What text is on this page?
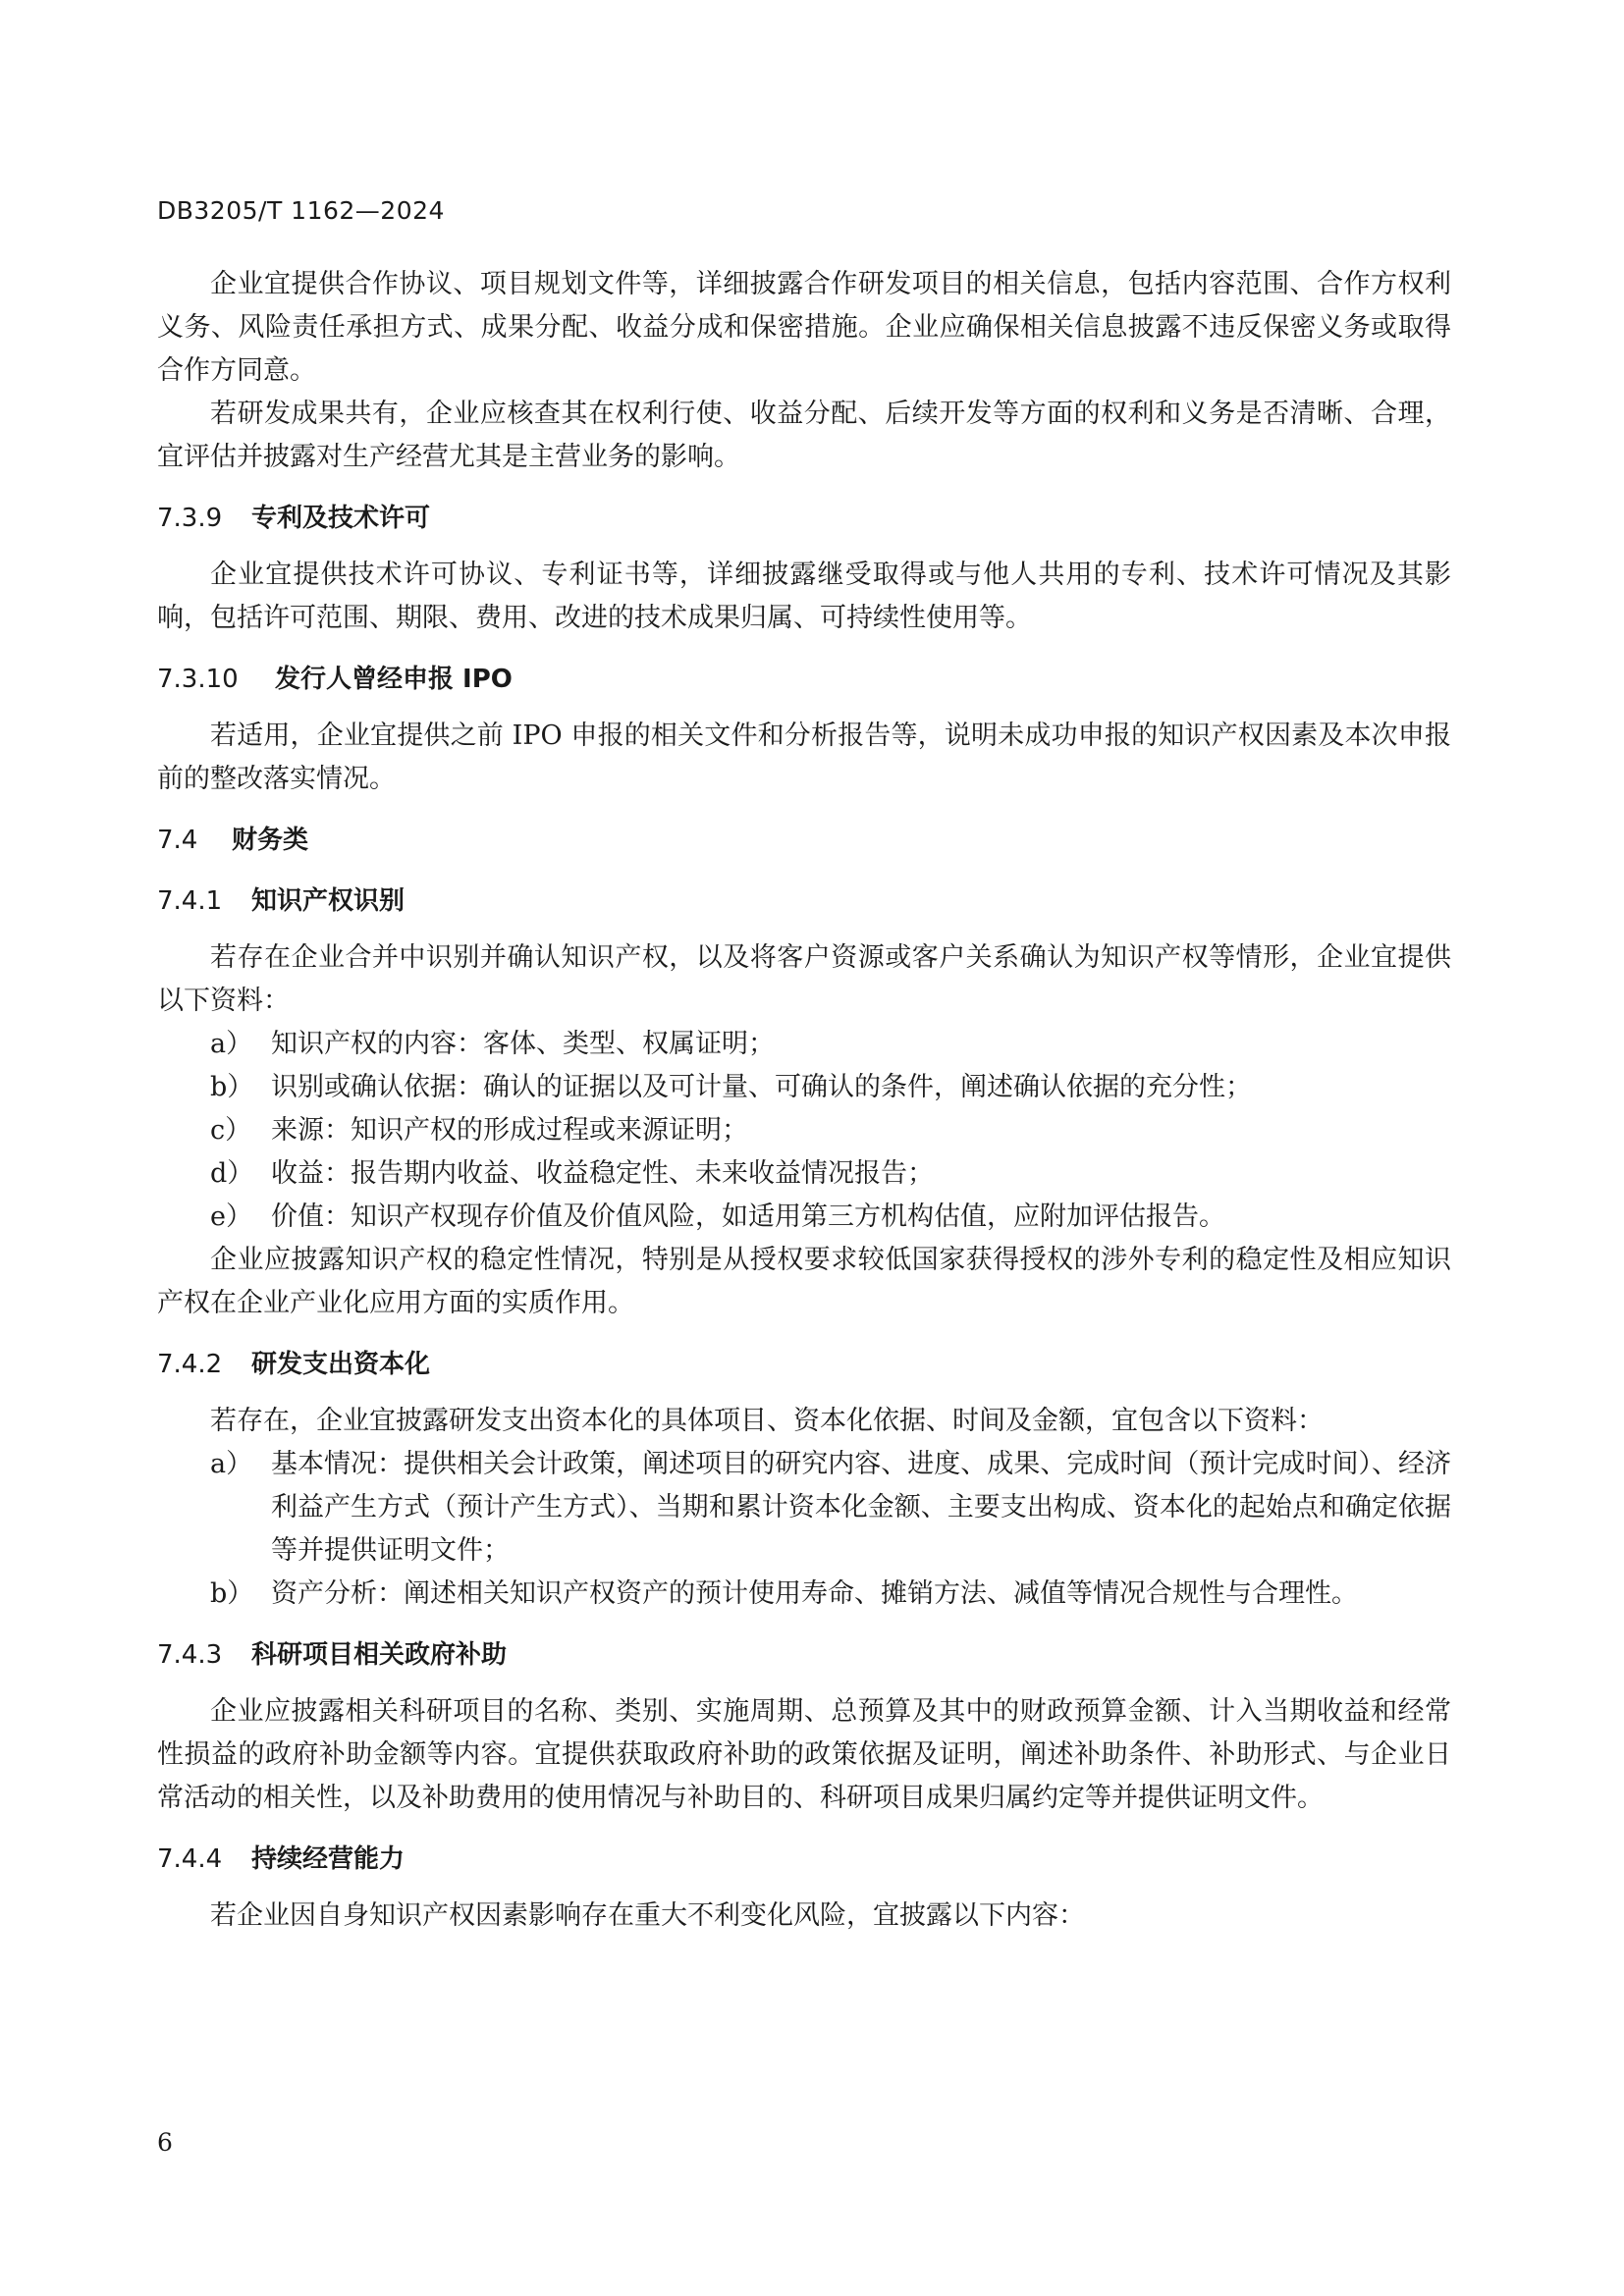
DB3205/T 1162—2024

企业宜提供合作协议、项目规划文件等，详细披露合作研发项目的相关信息，包括内容范围、合作方权利义务、风险责任承担方式、成果分配、收益分成和保密措施。企业应确保相关信息披露不违反保密义务或取得合作方同意。

若研发成果共有，企业应核查其在权利行使、收益分配、后续开发等方面的权利和义务是否清晰、合理，宜评估并披露对生产经营尤其是主营业务的影响。

7.3.9 专利及技术许可

企业宜提供技术许可协议、专利证书等，详细披露继受取得或与他人共用的专利、技术许可情况及其影响，包括许可范围、期限、费用、改进的技术成果归属、可持续性使用等。

7.3.10 发行人曾经申报 IPO

若适用，企业宜提供之前 IPO 申报的相关文件和分析报告等，说明未成功申报的知识产权因素及本次申报前的整改落实情况。

7.4 财务类
7.4.1 知识产权识别

若存在企业合并中识别并确认知识产权，以及将客户资源或客户关系确认为知识产权等情形，企业宜提供以下资料：

a） 知识产权的内容：客体、类型、权属证明；
b） 识别或确认依据：确认的证据以及可计量、可确认的条件，阐述确认依据的充分性；
c） 来源：知识产权的形成过程或来源证明；
d） 收益：报告期内收益、收益稳定性、未来收益情况报告；
e） 价值：知识产权现存价值及价值风险，如适用第三方机构估值，应附加评估报告。

企业应披露知识产权的稳定性情况，特别是从授权要求较低国家获得授权的涉外专利的稳定性及相应知识产权在企业产业化应用方面的实质作用。

7.4.2 研发支出资本化

若存在，企业宜披露研发支出资本化的具体项目、资本化依据、时间及金额，宜包含以下资料：

a） 基本情况：提供相关会计政策，阐述项目的研究内容、进度、成果、完成时间（预计完成时间）、经济利益产生方式（预计产生方式）、当期和累计资本化金额、主要支出构成、资本化的起始点和确定依据等并提供证明文件；
b） 资产分析：阐述相关知识产权资产的预计使用寿命、摊销方法、减值等情况合规性与合理性。
7.4.3 科研项目相关政府补助

企业应披露相关科研项目的名称、类别、实施周期、总预算及其中的财政预算金额、计入当期收益和经常性损益的政府补助金额等内容。宜提供获取政府补助的政策依据及证明，阐述补助条件、补助形式、与企业日常活动的相关性，以及补助费用的使用情况与补助目的、科研项目成果归属约定等并提供证明文件。

7.4.4 持续经营能力

若企业因自身知识产权因素影响存在重大不利变化风险，宜披露以下内容：

6
